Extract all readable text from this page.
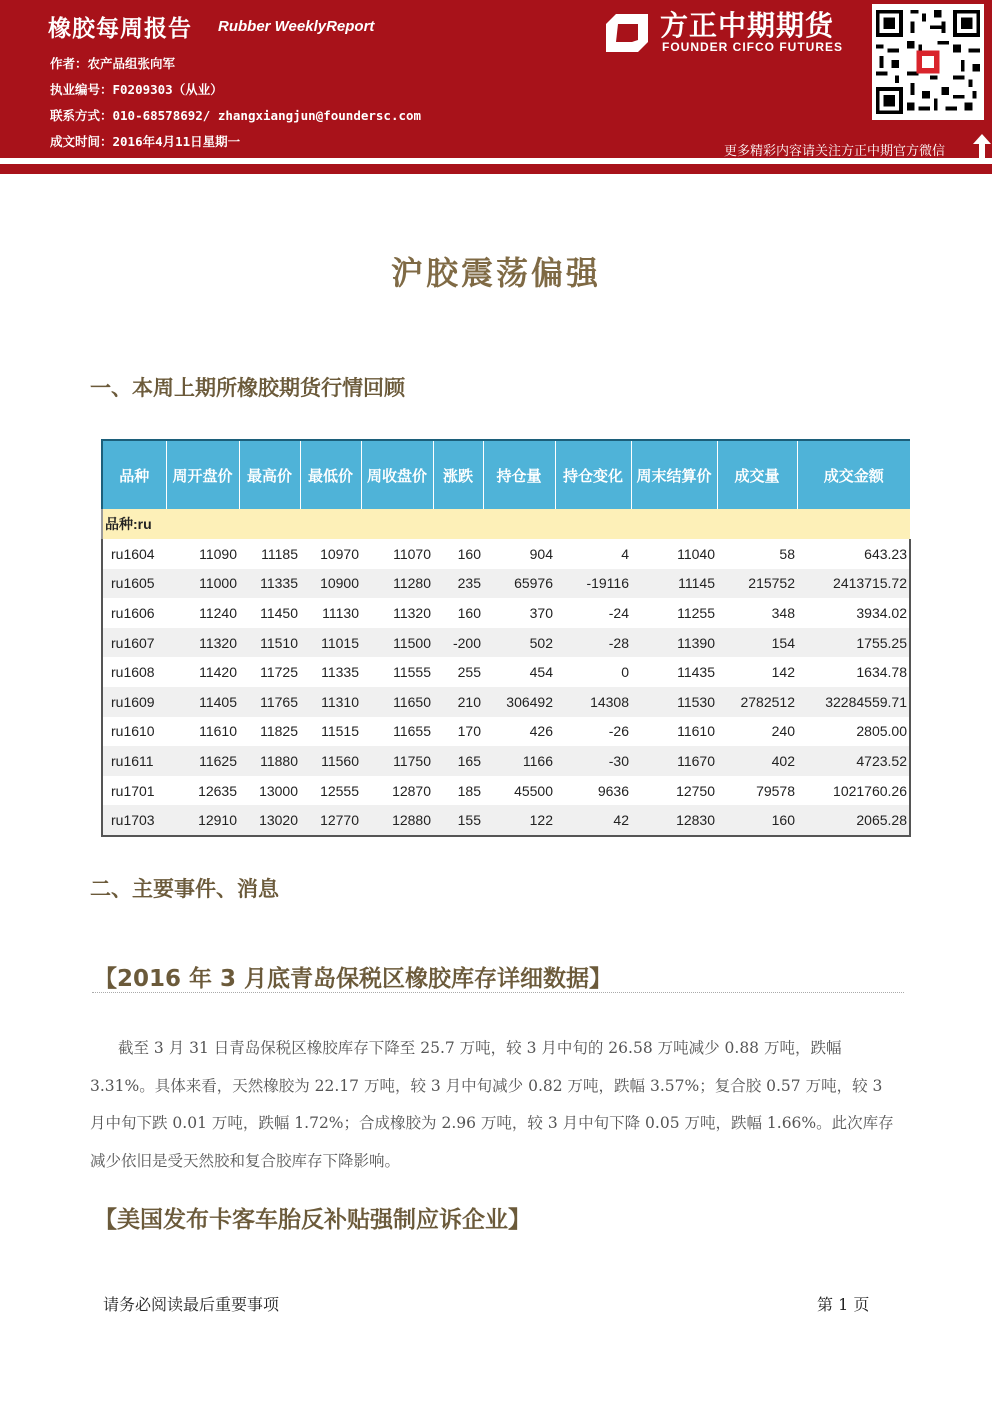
橡胶每周报告 Rubber WeeklyReport
作者：农产品组张向军
执业编号：F0209303（从业）
联系方式：010-68578692/ zhangxiangjun@foundersc.com
成文时间：2016年4月11日星期一
方正中期期货
FOUNDER CIFCO FUTURES
更多精彩内容请关注方正中期官方微信
沪胶震荡偏强
一、本周上期所橡胶期货行情回顾
品种	周开盘价	最高价	最低价	周收盘价	涨跌	持仓量	持仓变化	周末结算价	成交量	成交金额
品种:ru										
ru1604	11090	11185	10970	11070	160	904	4	11040	58	643.23
ru1605	11000	11335	10900	11280	235	65976	-19116	11145	215752	2413715.72
ru1606	11240	11450	11130	11320	160	370	-24	11255	348	3934.02
ru1607	11320	11510	11015	11500	-200	502	-28	11390	154	1755.25
ru1608	11420	11725	11335	11555	255	454	0	11435	142	1634.78
ru1609	11405	11765	11310	11650	210	306492	14308	11530	2782512	32284559.71
ru1610	11610	11825	11515	11655	170	426	-26	11610	240	2805.00
ru1611	11625	11880	11560	11750	165	1166	-30	11670	402	4723.52
ru1701	12635	13000	12555	12870	185	45500	9636	12750	79578	1021760.26
ru1703	12910	13020	12770	12880	155	122	42	12830	160	2065.28
二、主要事件、消息
【2016 年 3 月底青岛保税区橡胶库存详细数据】
截至 3 月 31 日青岛保税区橡胶库存下降至 25.7 万吨，较 3 月中旬的 26.58 万吨减少 0.88 万吨，跌幅 3.31%。具体来看，天然橡胶为 22.17 万吨，较 3 月中旬减少 0.82 万吨，跌幅 3.57%；复合胶 0.57 万吨，较 3 月中旬下跌 0.01 万吨，跌幅 1.72%；合成橡胶为 2.96 万吨，较 3 月中旬下降 0.05 万吨，跌幅 1.66%。此次库存减少依旧是受天然胶和复合胶库存下降影响。
【美国发布卡客车胎反补贴强制应诉企业】
请务必阅读最后重要事项	第 1 页
